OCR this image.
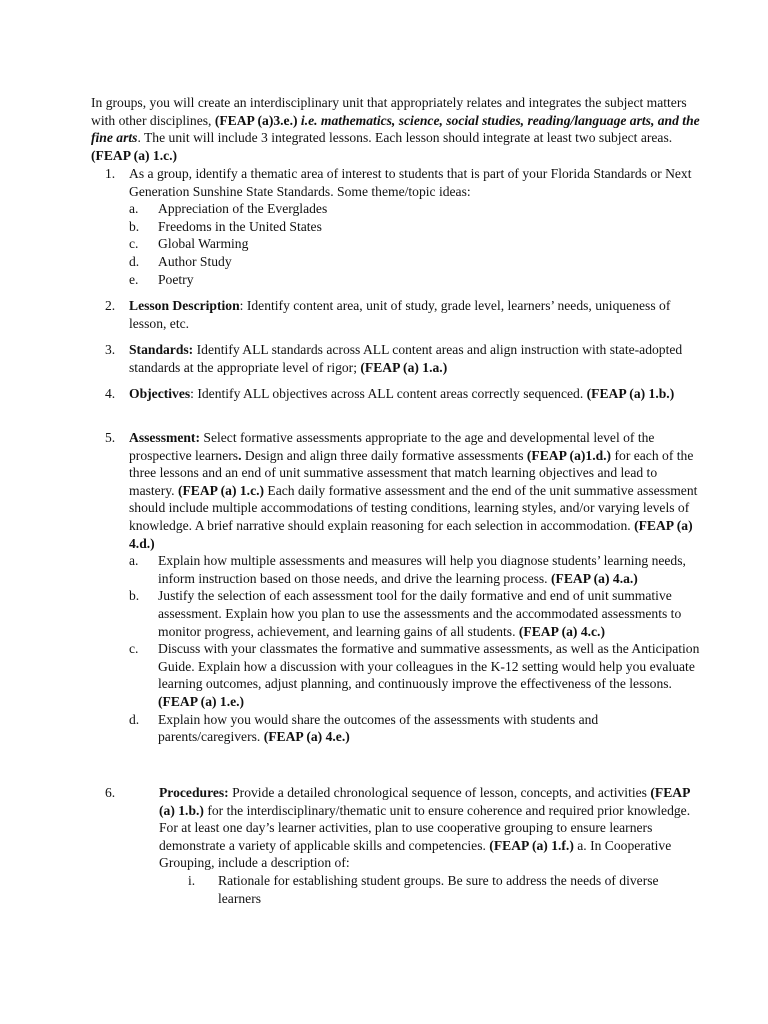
In groups, you will create an interdisciplinary unit that appropriately relates and integrates the subject matters with other disciplines, (FEAP (a)3.e.) i.e. mathematics, science, social studies, reading/language arts, and the fine arts. The unit will include 3 integrated lessons. Each lesson should integrate at least two subject areas. (FEAP (a) 1.c.)
1. As a group, identify a thematic area of interest to students that is part of your Florida Standards or Next Generation Sunshine State Standards. Some theme/topic ideas:
a. Appreciation of the Everglades
b. Freedoms in the United States
c. Global Warming
d. Author Study
e. Poetry
2. Lesson Description: Identify content area, unit of study, grade level, learners’ needs, uniqueness of lesson, etc.
3. Standards: Identify ALL standards across ALL content areas and align instruction with state-adopted standards at the appropriate level of rigor; (FEAP (a) 1.a.)
4. Objectives: Identify ALL objectives across ALL content areas correctly sequenced. (FEAP (a) 1.b.)
5. Assessment: Select formative assessments appropriate to the age and developmental level of the prospective learners. Design and align three daily formative assessments (FEAP (a)1.d.) for each of the three lessons and an end of unit summative assessment that match learning objectives and lead to mastery. (FEAP (a) 1.c.) Each daily formative assessment and the end of the unit summative assessment should include multiple accommodations of testing conditions, learning styles, and/or varying levels of knowledge. A brief narrative should explain reasoning for each selection in accommodation. (FEAP (a) 4.d.)
a. Explain how multiple assessments and measures will help you diagnose students’ learning needs, inform instruction based on those needs, and drive the learning process. (FEAP (a) 4.a.)
b. Justify the selection of each assessment tool for the daily formative and end of unit summative assessment. Explain how you plan to use the assessments and the accommodated assessments to monitor progress, achievement, and learning gains of all students. (FEAP (a) 4.c.)
c. Discuss with your classmates the formative and summative assessments, as well as the Anticipation Guide. Explain how a discussion with your colleagues in the K-12 setting would help you evaluate learning outcomes, adjust planning, and continuously improve the effectiveness of the lessons. (FEAP (a) 1.e.)
d. Explain how you would share the outcomes of the assessments with students and parents/caregivers. (FEAP (a) 4.e.)
6.	Procedures: Provide a detailed chronological sequence of lesson, concepts, and activities (FEAP (a) 1.b.) for the interdisciplinary/thematic unit to ensure coherence and required prior knowledge. For at least one day’s learner activities, plan to use cooperative grouping to ensure learners demonstrate a variety of applicable skills and competencies. (FEAP (a) 1.f.) a. In Cooperative Grouping, include a description of:
i. Rationale for establishing student groups. Be sure to address the needs of diverse learners
